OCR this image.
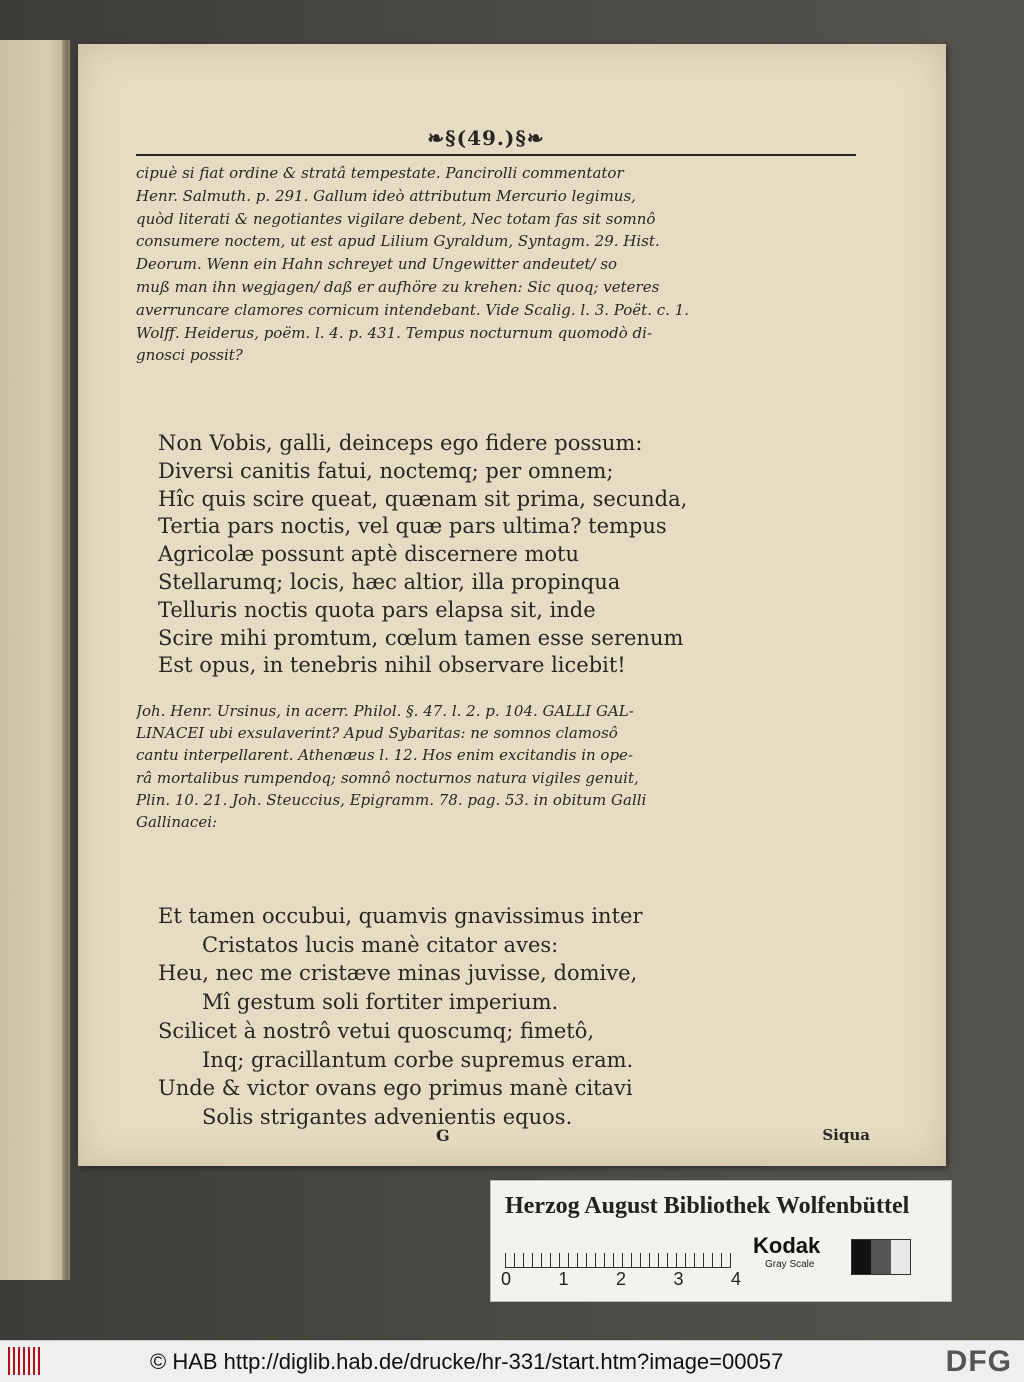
❧§(49.)§❧
cipuè si fiat ordine & stratâ tempestate. Pancirolli commentator
Henr. Salmuth. p. 291. Gallum ideò attributum Mercurio legimus,
quòd literati & negotiantes vigilare debent, Nec totam fas sit somnô
consumere noctem, ut est apud Lilium Gyraldum, Syntagm. 29. Hist.
Deorum. Wenn ein Hahn schreyet und Ungewitter andeutet/ so
muß man ihn wegjagen/ daß er aufhöre zu krehen: Sic quoq; veteres
averruncare clamores cornicum intendebant. Vide Scalig. l. 3. Poët. c. 1.
Wolff. Heiderus, poëm. l. 4. p. 431. Tempus nocturnum quomodò di-
gnosci possit?
Non Vobis, galli, deinceps ego fidere possum:
Diversi canitis fatui, noctemq; per omnem;
Hîc quis scire queat, quænam sit prima, secunda,
Tertia pars noctis, vel quæ pars ultima? tempus
Agricolæ possunt aptè discernere motu
Stellarumq; locis, hæc altior, illa propinqua
Telluris noctis quota pars elapsa sit, inde
Scire mihi promtum, cœlum tamen esse serenum
Est opus, in tenebris nihil observare licebit!
Joh. Henr. Ursinus, in acerr. Philol. §. 47. l. 2. p. 104. GALLI GAL-
LINACEI ubi exsulaverint? Apud Sybaritas: ne somnos clamosô
cantu interpellarent. Athenæus l. 12. Hos enim excitandis in ope-
râ mortalibus rumpendoq; somnô nocturnos natura vigiles genuit,
Plin. 10. 21. Joh. Steuccius, Epigramm. 78. pag. 53. in obitum Galli
Gallinacei:
Et tamen occubui, quamvis gnavissimus inter
Cristatos lucis manè citator aves:
Heu, nec me cristæve minas juvisse, domive,
Mî gestum soli fortiter imperium.
Scilicet à nostrô vetui quoscumq; fimetô,
Inq; gracillantum corbe supremus eram.
Unde & victor ovans ego primus manè citavi
Solis strigantes advenientis equos.
G	Siqua
Herzog August Bibliothek Wolfenbüttel
0	1	2	3	4
Kodak
Gray Scale
© HAB http://diglib.hab.de/drucke/hr-331/start.htm?image=00057	DFG
